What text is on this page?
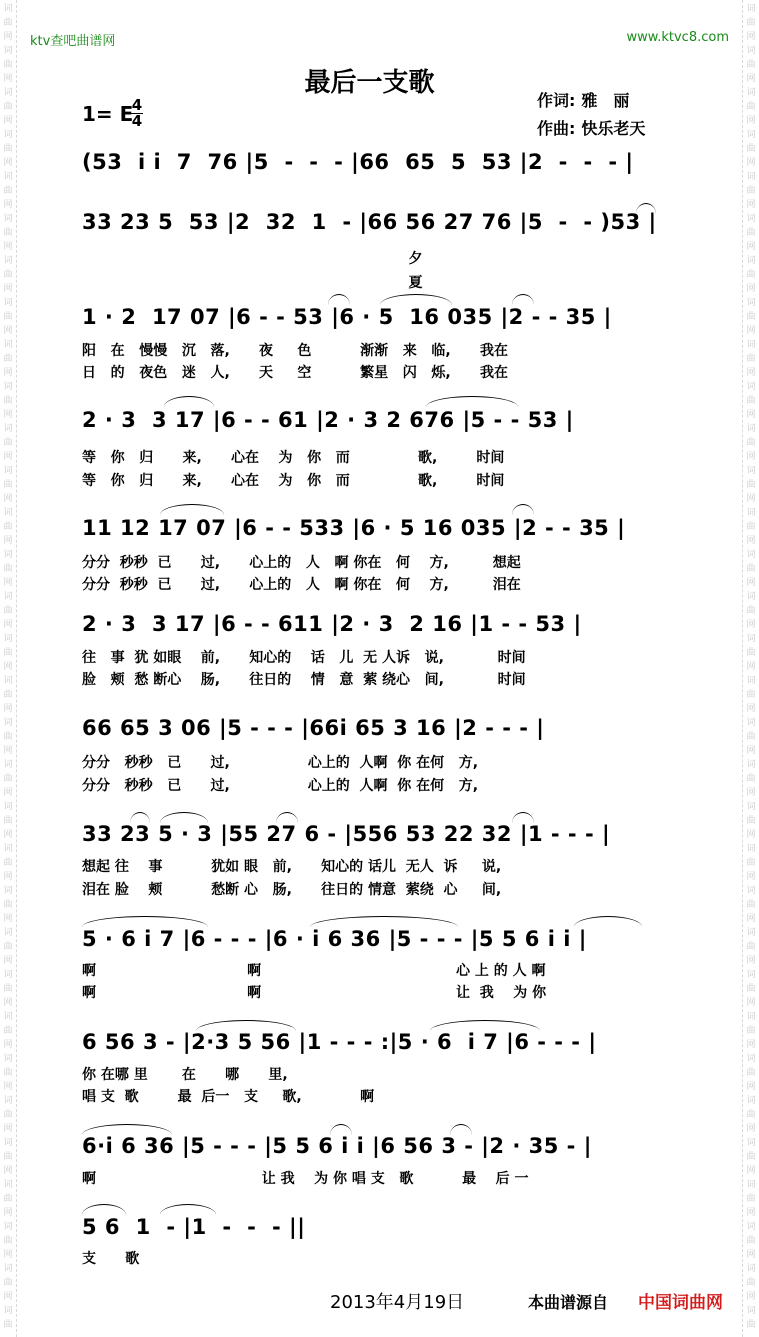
词
曲
网
词
曲
网
词
曲
网
词
曲
网
词
曲
网
词
曲
网
词
曲
网
词
曲
网
词
曲
网
词
曲
网
词
曲
网
词
曲
网
词
曲
网
词
曲
网
词
曲
网
词
曲
网
词
曲
网
词
曲
网
词
曲
网
词
曲
网
词
曲
网
词
曲
网
词
曲
网
词
曲
网
词
曲
网
词
曲
网
词
曲
网
词
曲
网
词
曲
网
词
曲
网
词
曲
网
词
曲
词
曲
网
词
曲
网
词
曲
网
词
曲
网
词
曲
网
词
曲
网
词
曲
网
词
曲
网
词
曲
网
词
曲
网
词
曲
网
词
曲
网
词
曲
网
词
曲
网
词
曲
网
词
曲
网
词
曲
网
词
曲
网
词
曲
网
词
曲
网
词
曲
网
词
曲
网
词
曲
网
词
曲
网
词
曲
网
词
曲
网
词
曲
网
词
曲
网
词
曲
网
词
曲
网
词
曲
网
词
曲
ktv查吧曲谱网	www.ktvc8.com
最后一支歌
作词: 雅　丽
作曲: 快乐老天
1= E
4
4
(53  i i  7  76 |5  -  -  - |66  65  5  53 |2  -  -  - |
33 23 5  53 |2  32  1  - |66 56 27 76 |5  -  - )53 |
夕
夏
1 · 2  17 07 |6 - - 53 |6 · 5  16 035 |2 - - 35 |
阳   在   慢慢   沉   落,      夜     色          渐渐   来   临,      我在
日   的   夜色   迷   人,      天     空          繁星   闪   烁,      我在
2 · 3  3 17 |6 - - 61 |2 · 3 2 676 |5 - - 53 |
等   你   归      来,      心在    为   你   而              歌,        时间
等   你   归      来,      心在    为   你   而              歌,        时间
11 12 17 07 |6 - - 533 |6 · 5 16 035 |2 - - 35 |
分分  秒秒  已      过,      心上的   人   啊 你在   何    方,         想起
分分  秒秒  已      过,      心上的   人   啊 你在   何    方,         泪在
2 · 3  3 17 |6 - - 611 |2 · 3  2 16 |1 - - 53 |
往   事  犹 如眼    前,      知心的    话   儿  无 人诉   说,           时间
脸   颊  愁 断心    肠,      往日的    情   意  萦 绕心   间,           时间
66 65 3 06 |5 - - - |66i 65 3 16 |2 - - - |
分分   秒秒   已      过,                心上的  人啊  你 在何   方,
分分   秒秒   已      过,                心上的  人啊  你 在何   方,
33 23 5 · 3 |55 27 6 - |556 53 22 32 |1 - - - |
想起 往    事          犹如 眼   前,      知心的 话儿  无人  诉     说,
泪在 脸    颊          愁断 心   肠,      往日的 情意  萦绕  心     间,
5 · 6 i 7 |6 - - - |6 · i 6 36 |5 - - - |5 5 6 i i |
啊                               啊                                        心 上 的 人 啊
啊                               啊                                        让  我    为 你
6 56 3 - |2·3 5 56 |1 - - - :|5 · 6  i 7 |6 - - - |
你 在哪 里       在      哪      里,
唱 支  歌        最  后一   支     歌,            啊
6·i 6 36 |5 - - - |5 5 6 i i |6 56 3 - |2 · 35 - |
啊                                  让 我    为 你 唱 支   歌          最    后 一
5 6  1  - |1  -  -  - ||
支      歌
2013年4月19日	本曲谱源自 中国词曲网
